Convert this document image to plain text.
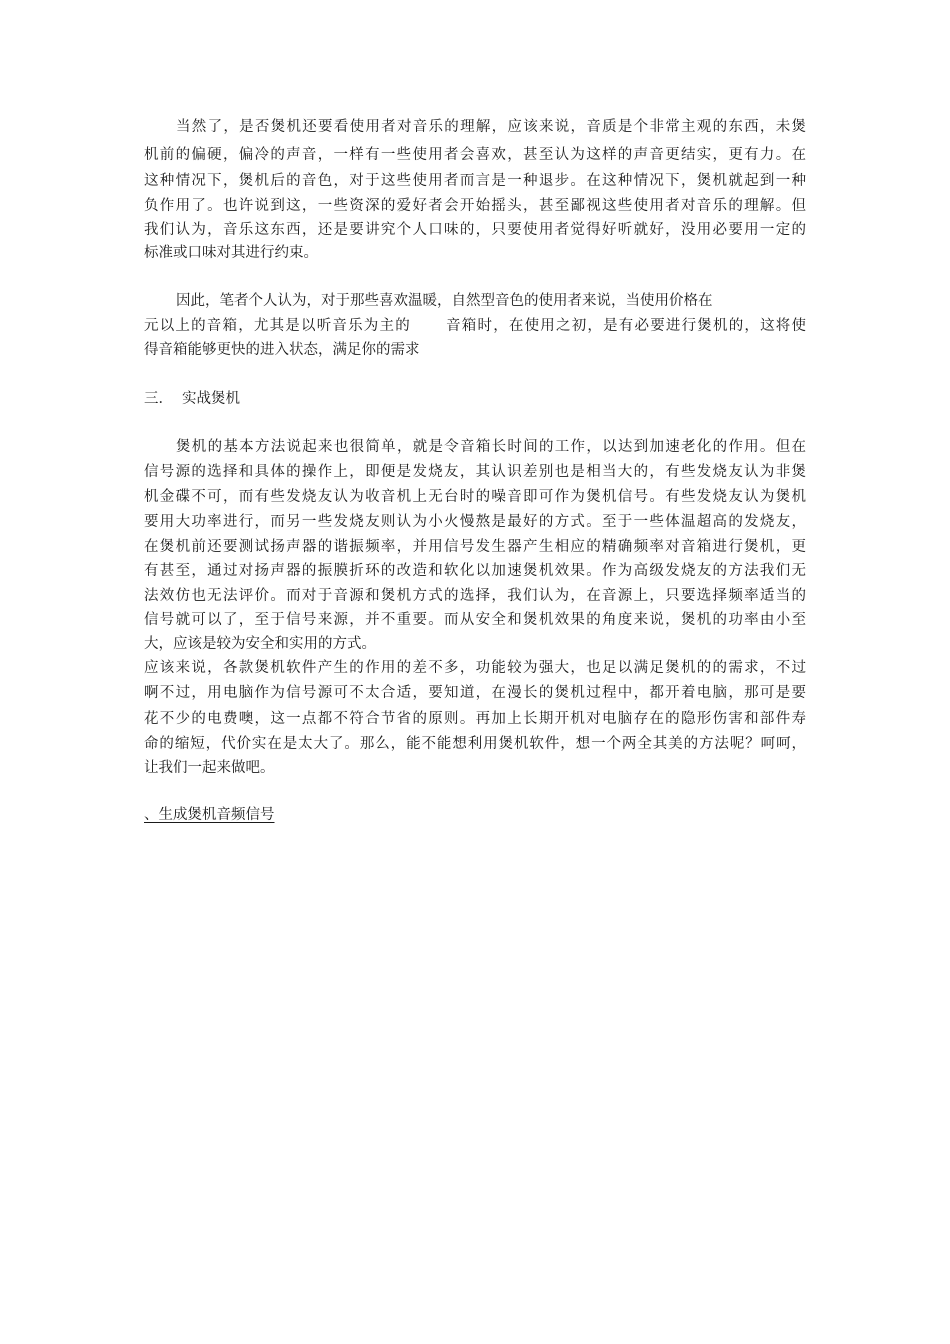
当然了，是否煲机还要看使用者对音乐的理解，应该来说，音质是个非常主观的东西，未煲
机前的偏硬，偏冷的声音，一样有一些使用者会喜欢，甚至认为这样的声音更结实，更有力。在
这种情况下，煲机后的音色，对于这些使用者而言是一种退步。在这种情况下，煲机就起到一种
负作用了。也许说到这，一些资深的爱好者会开始摇头，甚至鄙视这些使用者对音乐的理解。但
我们认为，音乐这东西，还是要讲究个人口味的，只要使用者觉得好听就好，没用必要用一定的
标准或口味对其进行约束。
因此，笔者个人认为，对于那些喜欢温暖，自然型音色的使用者来说，当使用价格在
元以上的音箱，尤其是以听音乐为主的 音箱时，在使用之初，是有必要进行煲机的，这将使
得音箱能够更快的进入状态，满足你的需求
三． 实战煲机
煲机的基本方法说起来也很简单，就是令音箱长时间的工作，以达到加速老化的作用。但在
信号源的选择和具体的操作上，即便是发烧友，其认识差别也是相当大的，有些发烧友认为非煲
机金碟不可，而有些发烧友认为收音机上无台时的噪音即可作为煲机信号。有些发烧友认为煲机
要用大功率进行，而另一些发烧友则认为小火慢熬是最好的方式。至于一些体温超高的发烧友，
在煲机前还要测试扬声器的谐振频率，并用信号发生器产生相应的精确频率对音箱进行煲机，更
有甚至，通过对扬声器的振膜折环的改造和软化以加速煲机效果。作为高级发烧友的方法我们无
法效仿也无法评价。而对于音源和煲机方式的选择，我们认为，在音源上，只要选择频率适当的
信号就可以了，至于信号来源，并不重要。而从安全和煲机效果的角度来说，煲机的功率由小至
大，应该是较为安全和实用的方式。
应该来说，各款煲机软件产生的作用的差不多，功能较为强大，也足以满足煲机的的需求，不过
啊不过，用电脑作为信号源可不太合适，要知道，在漫长的煲机过程中，都开着电脑，那可是要
花不少的电费噢，这一点都不符合节省的原则。再加上长期开机对电脑存在的隐形伤害和部件寿
命的缩短，代价实在是太大了。那么，能不能想利用煲机软件，想一个两全其美的方法呢？呵呵，
让我们一起来做吧。
、生成煲机音频信号
